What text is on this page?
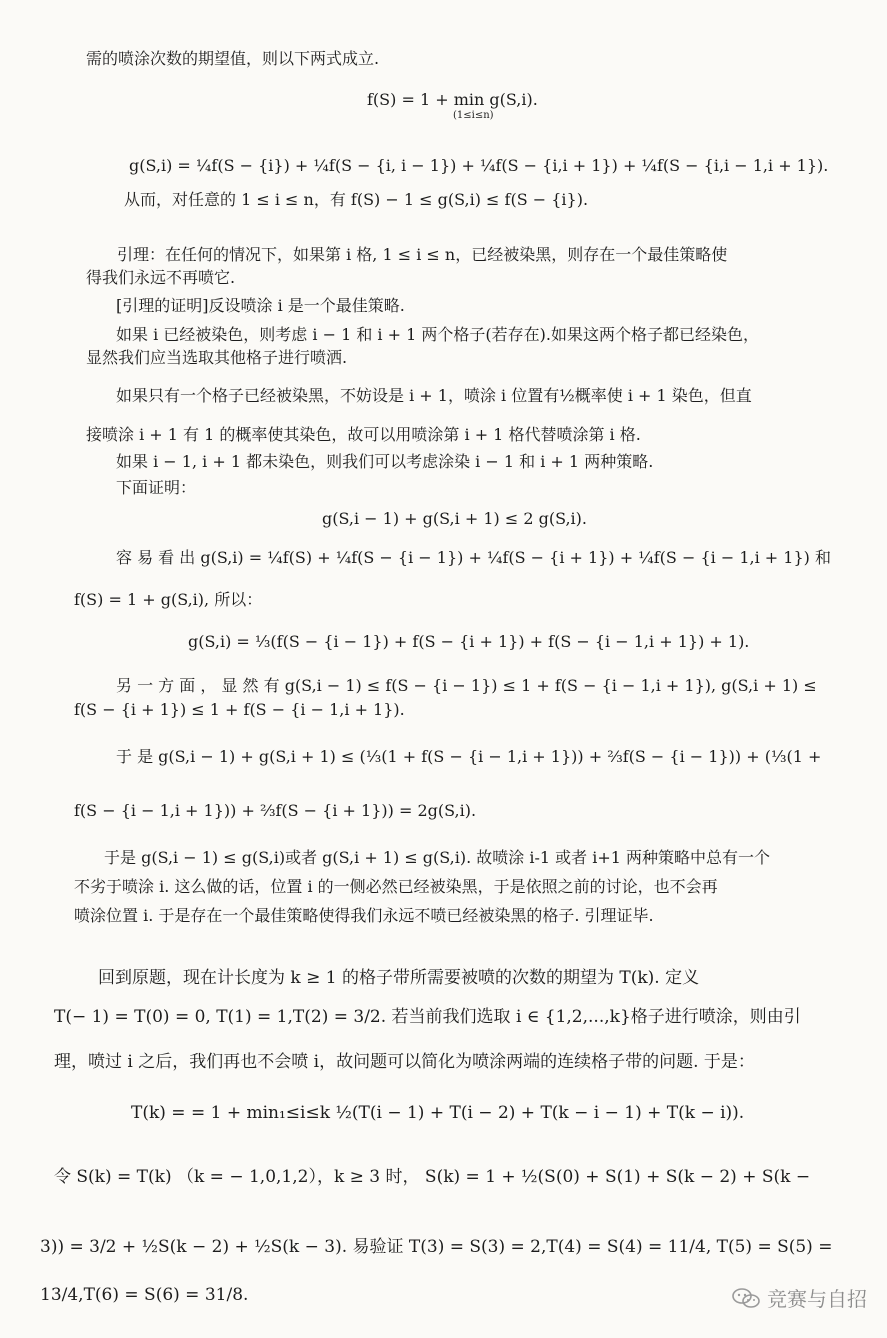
需的喷涂次数的期望值，则以下两式成立.
f(S) = 1 + min g(S,i).
(1≤i≤n)
g(S,i) = ¼f(S − {i}) + ¼f(S − {i, i − 1}) + ¼f(S − {i,i + 1}) + ¼f(S − {i,i − 1,i + 1}).
从而，对任意的 1 ≤ i ≤ n，有 f(S) − 1 ≤ g(S,i) ≤ f(S − {i}).
引理：在任何的情况下，如果第 i 格, 1 ≤ i ≤ n，已经被染黑，则存在一个最佳策略使
得我们永远不再喷它.
[引理的证明]反设喷涂 i 是一个最佳策略.
如果 i 已经被染色，则考虑 i − 1 和 i + 1 两个格子(若存在).如果这两个格子都已经染色，
显然我们应当选取其他格子进行喷洒.
如果只有一个格子已经被染黑，不妨设是 i + 1，喷涂 i 位置有½概率使 i + 1 染色，但直
接喷涂 i + 1 有 1 的概率使其染色，故可以用喷涂第 i + 1 格代替喷涂第 i 格.
如果 i − 1, i + 1 都未染色，则我们可以考虑涂染 i − 1 和 i + 1 两种策略.
下面证明：
g(S,i − 1) + g(S,i + 1) ≤ 2 g(S,i).
容 易 看 出 g(S,i) = ¼f(S) + ¼f(S − {i − 1}) + ¼f(S − {i + 1}) + ¼f(S − {i − 1,i + 1}) 和
f(S) = 1 + g(S,i), 所以：
g(S,i) = ⅓(f(S − {i − 1}) + f(S − {i + 1}) + f(S − {i − 1,i + 1}) + 1).
另 一 方 面 ， 显 然 有 g(S,i − 1) ≤ f(S − {i − 1}) ≤ 1 + f(S − {i − 1,i + 1}), g(S,i + 1) ≤
f(S − {i + 1}) ≤ 1 + f(S − {i − 1,i + 1}).
于 是 g(S,i − 1) + g(S,i + 1) ≤ (⅓(1 + f(S − {i − 1,i + 1})) + ⅔f(S − {i − 1})) + (⅓(1 +
f(S − {i − 1,i + 1})) + ⅔f(S − {i + 1})) = 2g(S,i).
于是 g(S,i − 1) ≤ g(S,i)或者 g(S,i + 1) ≤ g(S,i). 故喷涂 i-1 或者 i+1 两种策略中总有一个
不劣于喷涂 i. 这么做的话，位置 i 的一侧必然已经被染黑，于是依照之前的讨论，也不会再
喷涂位置 i. 于是存在一个最佳策略使得我们永远不喷已经被染黑的格子. 引理证毕.
回到原题，现在计长度为 k ≥ 1 的格子带所需要被喷的次数的期望为 T(k). 定义
T(− 1) = T(0) = 0, T(1) = 1,T(2) = 3/2. 若当前我们选取 i ∈ {1,2,...,k}格子进行喷涂，则由引
理，喷过 i 之后，我们再也不会喷 i，故问题可以简化为喷涂两端的连续格子带的问题. 于是：
T(k) = = 1 + min₁≤i≤k ½(T(i − 1) + T(i − 2) + T(k − i − 1) + T(k − i)).
令 S(k) = T(k) （k = − 1,0,1,2），k ≥ 3 时， S(k) = 1 + ½(S(0) + S(1) + S(k − 2) + S(k −
3)) = 3/2 + ½S(k − 2) + ½S(k − 3). 易验证 T(3) = S(3) = 2,T(4) = S(4) = 11/4, T(5) = S(5) =
13/4,T(6) = S(6) = 31/8.	竞赛与自招
